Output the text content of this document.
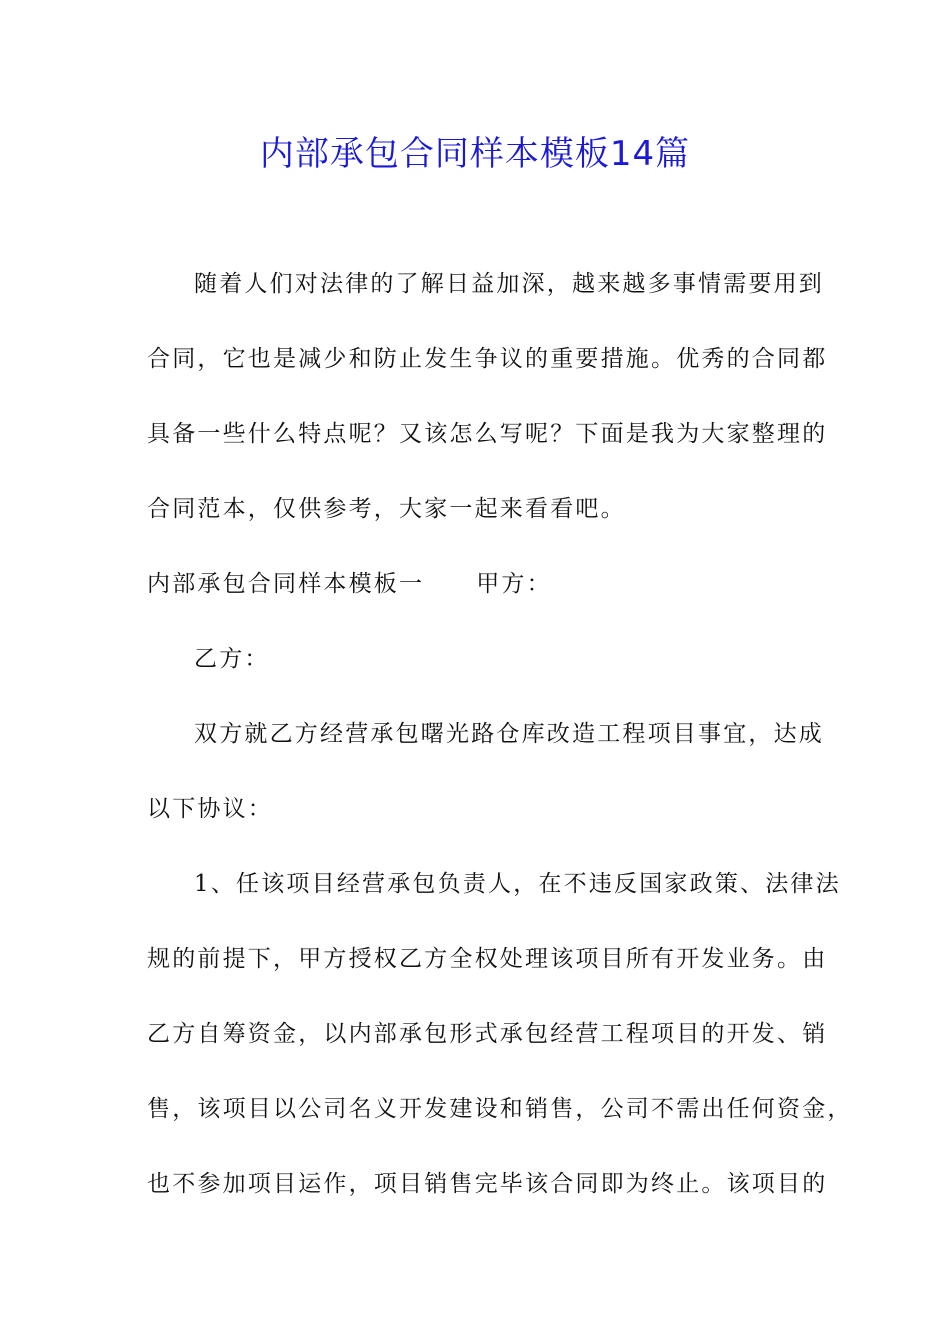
内部承包合同样本模板14篇

随着人们对法律的了解日益加深，越来越多事情需要用到

合同，它也是减少和防止发生争议的重要措施。优秀的合同都

具备一些什么特点呢？又该怎么写呢？下面是我为大家整理的

合同范本，仅供参考，大家一起来看看吧。

内部承包合同样本模板一 甲方：

乙方：

双方就乙方经营承包曙光路仓库改造工程项目事宜，达成

以下协议：

1、任该项目经营承包负责人，在不违反国家政策、法律法

规的前提下，甲方授权乙方全权处理该项目所有开发业务。由

乙方自筹资金，以内部承包形式承包经营工程项目的开发、销

售，该项目以公司名义开发建设和销售，公司不需出任何资金，

也不参加项目运作，项目销售完毕该合同即为终止。该项目的
